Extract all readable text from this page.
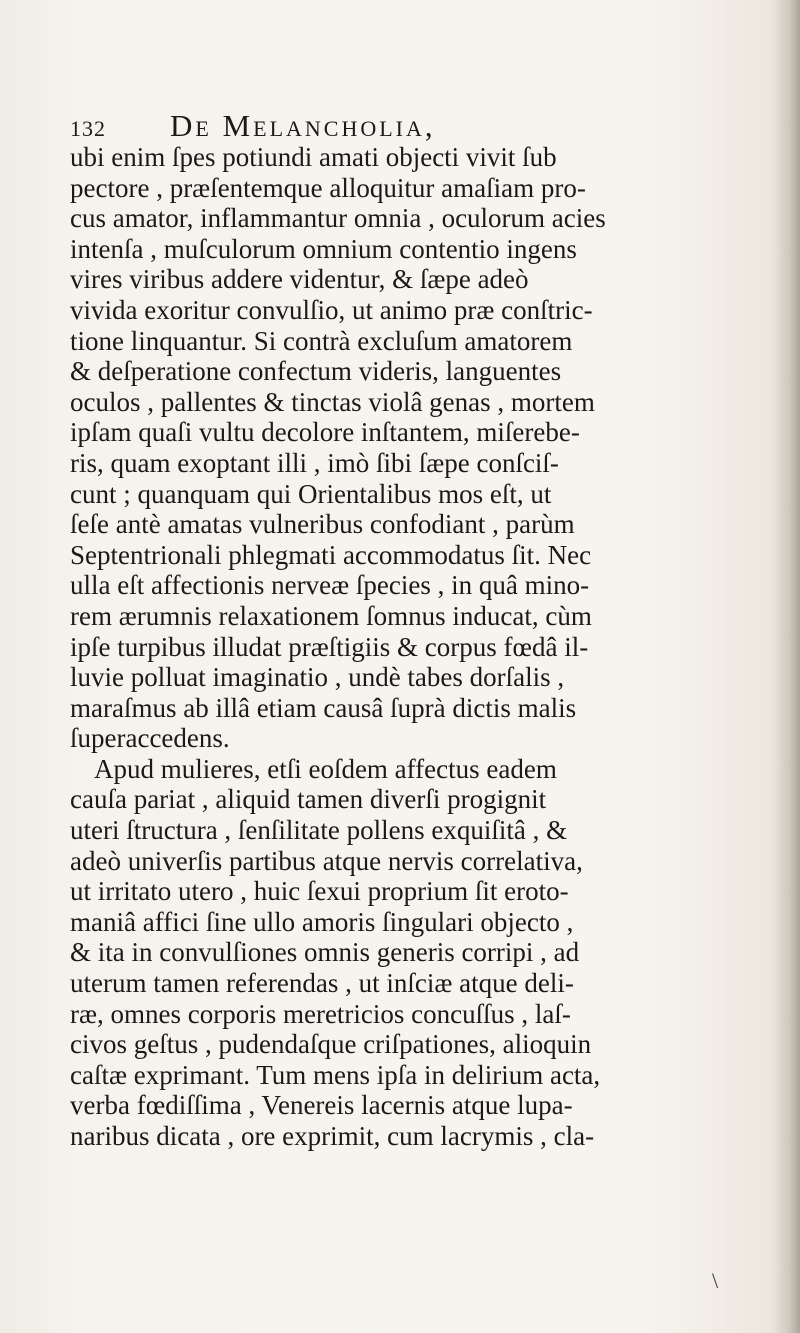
132 De Melancholia,
ubi enim ſpes potiundi amati objecti vivit ſub
pectore , præſentemque alloquitur amaſiam pro-
cus amator, inflammantur omnia , oculorum acies
intenſa , muſculorum omnium contentio ingens
vires viribus addere videntur, & ſæpe adeò
vivida exoritur convulſio, ut animo præ conſtric-
tione linquantur. Si contrà excluſum amatorem
& deſperatione confectum videris, languentes
oculos , pallentes & tinctas violâ genas , mortem
ipſam quaſi vultu decolore inſtantem, miſerebe-
ris, quam exoptant illi , imò ſibi ſæpe conſciſ-
cunt ; quanquam qui Orientalibus mos eſt, ut
ſeſe antè amatas vulneribus confodiant , parùm
Septentrionali phlegmati accommodatus ſit. Nec
ulla eſt affectionis nerveæ ſpecies , in quâ mino-
rem ærumnis relaxationem ſomnus inducat, cùm
ipſe turpibus illudat præſtigiis & corpus fœdâ il-
luvie polluat imaginatio , undè tabes dorſalis ,
maraſmus ab illâ etiam causâ ſuprà dictis malis
ſuperaccedens.
Apud mulieres, etſi eoſdem affectus eadem
cauſa pariat , aliquid tamen diverſi progignit
uteri ſtructura , ſenſilitate pollens exquiſitâ , &
adeò univerſis partibus atque nervis correlativa,
ut irritato utero , huic ſexui proprium ſit eroto-
maniâ affici ſine ullo amoris ſingulari objecto ,
& ita in convulſiones omnis generis corripi , ad
uterum tamen referendas , ut inſciæ atque deli-
ræ, omnes corporis meretricios concuſſus , laſ-
civos geſtus , pudendaſque criſpationes, alioquin
caſtæ exprimant. Tum mens ipſa in delirium acta,
verba fœdiſſima , Venereis lacernis atque lupa-
naribus dicata , ore exprimit, cum lacrymis , cla-
\
